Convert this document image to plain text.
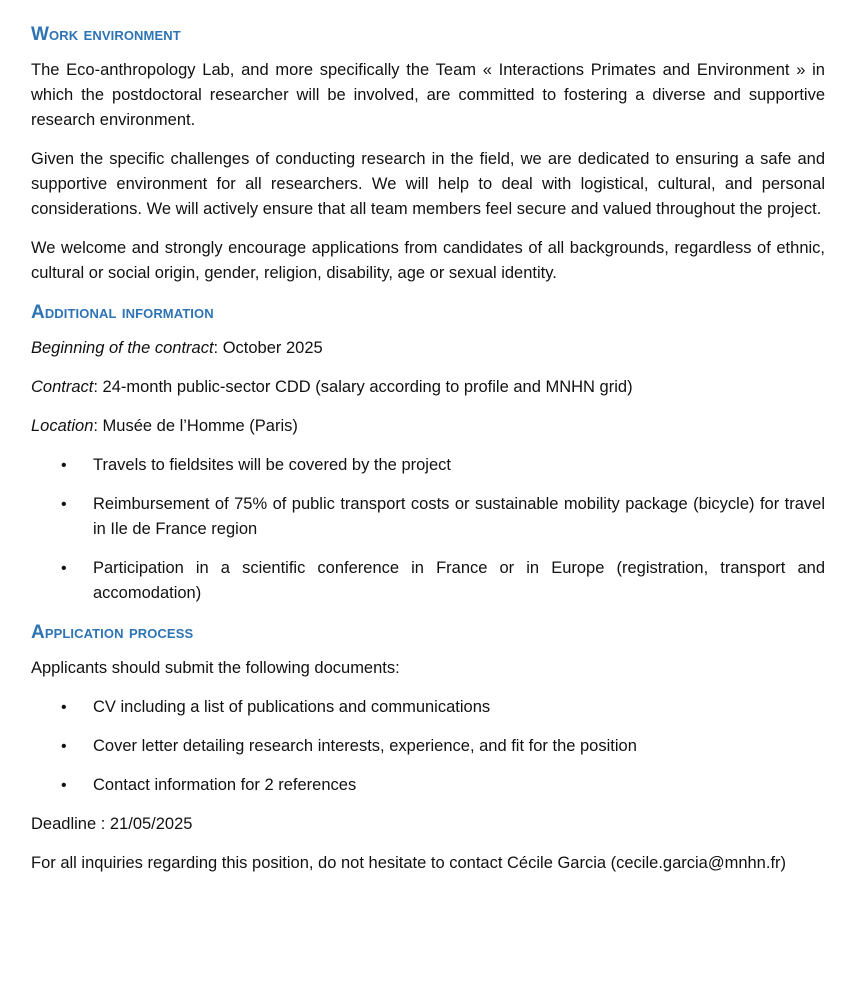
Work environment

The Eco-anthropology Lab, and more specifically the Team « Interactions Primates and Environment » in which the postdoctoral researcher will be involved, are committed to fostering a diverse and supportive research environment.

Given the specific challenges of conducting research in the field, we are dedicated to ensuring a safe and supportive environment for all researchers. We will help to deal with logistical, cultural, and personal considerations. We will actively ensure that all team members feel secure and valued throughout the project.

We welcome and strongly encourage applications from candidates of all backgrounds, regardless of ethnic, cultural or social origin, gender, religion, disability, age or sexual identity.

Additional information

Beginning of the contract: October 2025

Contract: 24-month public-sector CDD (salary according to profile and MNHN grid)

Location: Musée de l’Homme (Paris)

• Travels to fieldsites will be covered by the project
• Reimbursement of 75% of public transport costs or sustainable mobility package (bicycle) for travel in Ile de France region
• Participation in a scientific conference in France or in Europe (registration, transport and accomodation)
Application process

Applicants should submit the following documents:

• CV including a list of publications and communications
• Cover letter detailing research interests, experience, and fit for the position
• Contact information for 2 references

Deadline : 21/05/2025

For all inquiries regarding this position, do not hesitate to contact Cécile Garcia (cecile.garcia@mnhn.fr)
